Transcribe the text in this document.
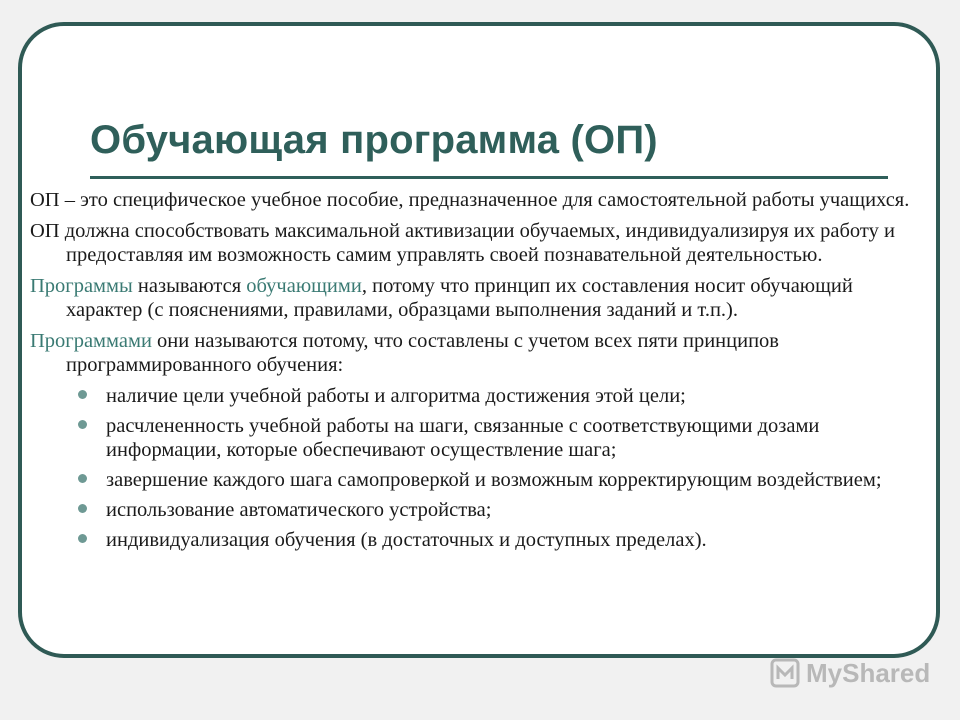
Обучающая программа (ОП)

ОП – это специфическое учебное пособие, предназначенное для самостоятельной работы учащихся.

ОП должна способствовать максимальной активизации обучаемых, индивидуализируя их работу и предоставляя им возможность самим управлять своей познавательной деятельностью.

Программы называются обучающими, потому что принцип их составления носит обучающий характер (с пояснениями, правилами, образцами выполнения заданий и т.п.).

Программами они называются потому, что составлены с учетом всех пяти принципов программированного обучения:

наличие цели учебной работы и алгоритма достижения этой цели;
расчлененность учебной работы на шаги, связанные с соответствующими дозами информации, которые обеспечивают осуществление шага;
завершение каждого шага самопроверкой и возможным корректирующим воздействием;
использование автоматического устройства;
индивидуализация обучения (в достаточных и доступных пределах).
MyShared
